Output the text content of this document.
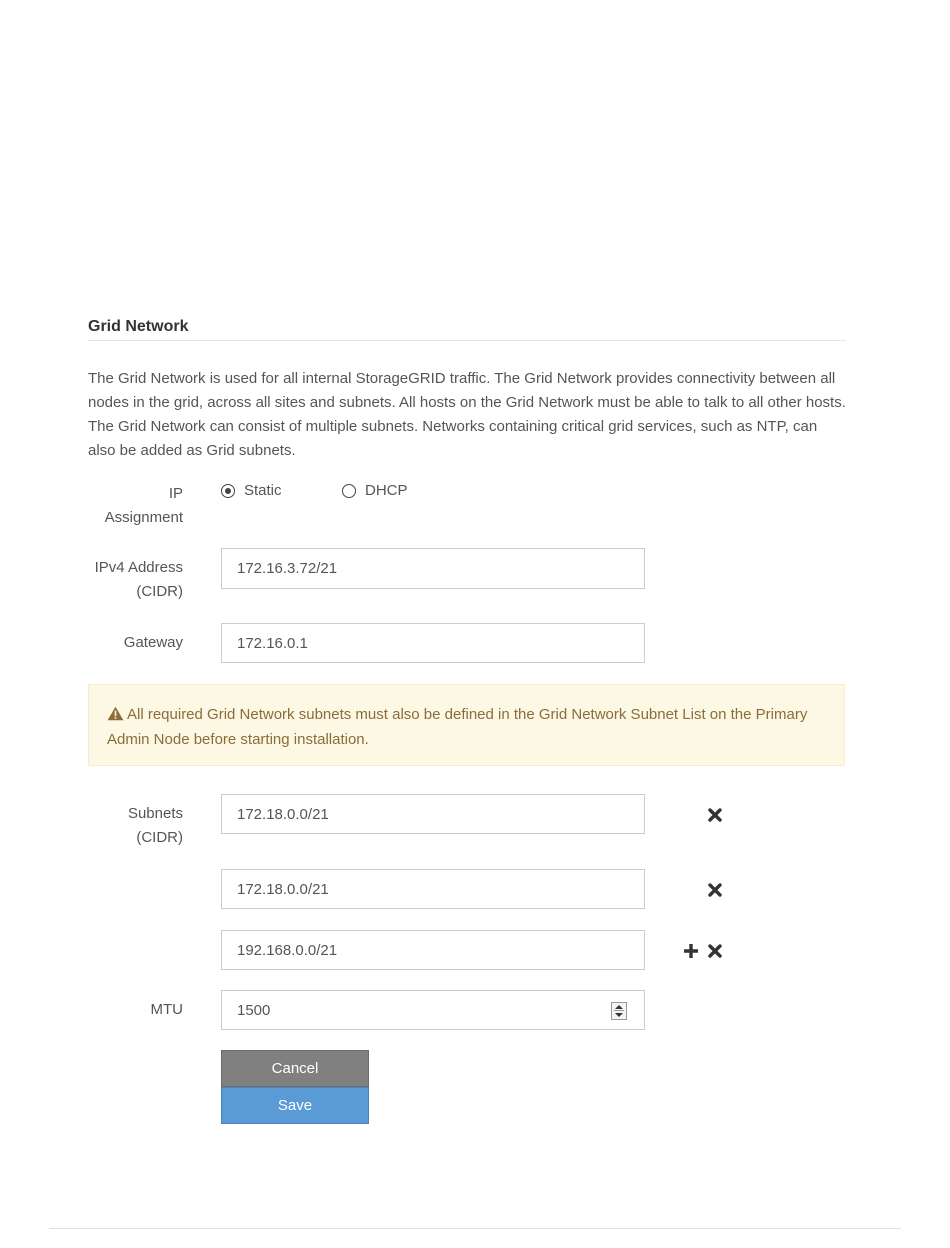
Grid Network
The Grid Network is used for all internal StorageGRID traffic. The Grid Network provides connectivity between all nodes in the grid, across all sites and subnets. All hosts on the Grid Network must be able to talk to all other hosts. The Grid Network can consist of multiple subnets. Networks containing critical grid services, such as NTP, can also be added as Grid subnets.
IP
Assignment
Static	DHCP
IPv4 Address
(CIDR)
172.16.3.72/21
Gateway
172.16.0.1
All required Grid Network subnets must also be defined in the Grid Network Subnet List on the Primary Admin Node before starting installation.
Subnets
(CIDR)
172.18.0.0/21
172.18.0.0/21
192.168.0.0/21
MTU
1500
Cancel
Save
